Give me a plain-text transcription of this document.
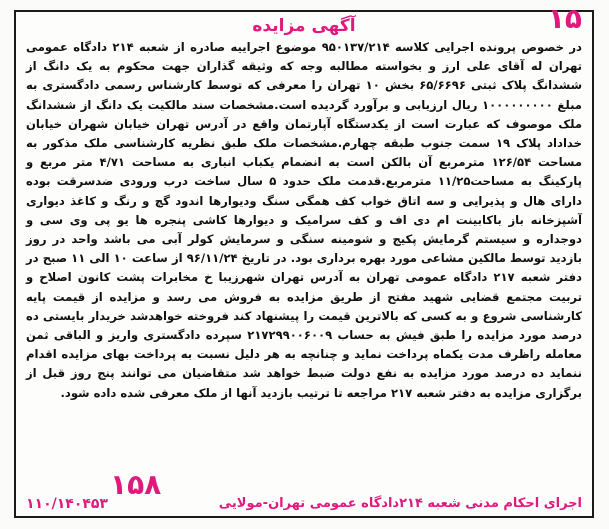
۱۵
آگهی مزایده
در خصوص پرونده اجرایی کلاسه ۹۵۰۱۳۷/۲۱۴ موضوع اجراییه صادره از شعبه ۲۱۴ دادگاه عمومی تهران له آقای علی ارز و بخواسته مطالبه وجه که وثیقه گذاران جهت محکوم به یک دانگ از ششدانگ پلاک ثبتی ۶۵/۶۶۹۶ بخش ۱۰ تهران را معرفی که توسط کارشناس رسمی دادگستری به مبلغ ۱۰۰۰۰۰۰۰۰۰ ریال ارزیابی و برآورد گردیده است.مشخصات سند مالکیت یک دانگ از ششدانگ ملک موصوف که عبارت است از یکدستگاه آپارتمان واقع در آدرس تهران خیابان شهران خیابان خداداد پلاک ۱۹ سمت جنوب طبقه چهارم.مشخصات ملک طبق نظریه کارشناسی ملک مذکور به مساحت ۱۲۶/۵۴ مترمربع آن بالکن است به انضمام یکباب انباری به مساحت ۴/۷۱ متر مربع و پارکینگ به مساحت۱۱/۲۵ مترمربع.قدمت ملک حدود ۵ سال ساخت درب ورودی ضدسرقت بوده دارای هال و پذیرایی و سه اتاق خواب کف همگی سنگ ودیوارها اندود گچ و رنگ و کاغذ دیواری آشپزخانه باز باکابینت ام دی اف و کف سرامیک و دیوارها کاشی پنجره ها یو پی وی سی و دوجداره و سیستم گرمایش پکیج و شومینه سنگی و سرمایش کولر آبی می باشد واحد در روز بازدید توسط مالکین مشاعی مورد بهره برداری بود. در تاریخ ۹۶/۱۱/۲۴ از ساعت ۱۰ الی ۱۱ صبح در دفتر شعبه ۲۱۷ دادگاه عمومی تهران به آدرس تهران شهرزیبا خ مخابرات پشت کانون اصلاح و تربیت مجتمع قضایی شهید مفتح از طریق مزایده به فروش می رسد و مزایده از قیمت پایه کارشناسی شروع و به کسی که بالاترین قیمت را پیشنهاد کند فروخته خواهدشد خریدار بایستی ده درصد مورد مزایده را طبق فیش به حساب ۲۱۷۲۹۹۰۰۶۰۰۹ سپرده دادگستری واریز و الباقی ثمن معامله راظرف مدت یکماه پرداخت نماید و چنانچه به هر دلیل نسبت به پرداخت بهای مزایده اقدام ننماید ده درصد مورد مزایده به نفع دولت ضبط خواهد شد متقاضیان می توانند پنج روز قبل از برگزاری مزایده به دفتر شعبه ۲۱۷ مراجعه تا ترتیب بازدید آنها از ملک معرفی شده داده شود.
اجرای احکام مدنی شعبه ۲۱۴دادگاه عمومی تهران-مولایی
۱۱۰/۱۴۰۴۵۳
۱۵۸
